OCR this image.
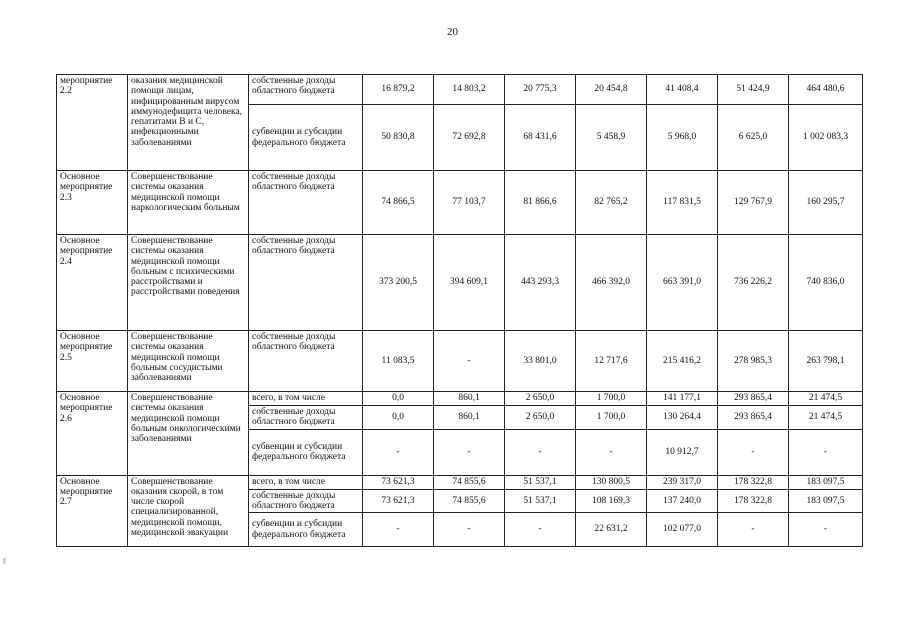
20
ᵐᵐ
мероприятие 2.2	оказания медицинской помощи лицам, инфицированным вирусом иммунодефицита человека, гепатитами В и С, инфекционными заболеваниями	собственные доходы областного бюджета	16 879,2	14 803,2	20 775,3	20 454,8	41 408,4	51 424,9	464 480,6
		субвенции и субсидии федерального бюджета	50 830,8	72 692,8	68 431,6	5 458,9	5 968,0	6 625,0	1 002 083,3
Основное мероприятие 2.3	Совершенствование системы оказания медицинской помощи наркологическим больным	собственные доходы областного бюджета	74 866,5	77 103,7	81 866,6	82 765,2	117 831,5	129 767,9	160 295,7
Основное мероприятие 2.4	Совершенствование системы оказания медицинской помощи больным с психическими расстройствами и расстройствами поведения	собственные доходы областного бюджета	373 200,5	394 609,1	443 293,3	466 392,0	663 391,0	736 226,2	740 836,0
Основное мероприятие 2.5	Совершенствование системы оказания медицинской помощи больным сосудистыми заболеваниями	собственные доходы областного бюджета	11 083,5	-	33 801,0	12 717,6	215 416,2	278 985,3	263 798,1
Основное мероприятие 2.6	Совершенствование системы оказания медицинской помощи больным онкологическими заболеваниями	всего, в том числе	0,0	860,1	2 650,0	1 700,0	141 177,1	293 865,4	21 474,5
		собственные доходы областного бюджета	0,0	860,1	2 650,0	1 700,0	130 264,4	293 865,4	21 474,5
		субвенции и субсидии федерального бюджета	-	-	-	-	10 912,7	-	-
Основное мероприятие 2.7	Совершенствование оказания скорой, в том числе скорой специализированной, медицинской помощи, медицинской эвакуации	всего, в том числе	73 621,3	74 855,6	51 537,1	130 800,5	239 317,0	178 322,8	183 097,5
		собственные доходы областного бюджета	73 621,3	74 855,6	51 537,1	108 169,3	137 240,0	178 322,8	183 097,5
		субвенции и субсидии федерального бюджета	-	-	-	22 631,2	102 077,0	-	-
